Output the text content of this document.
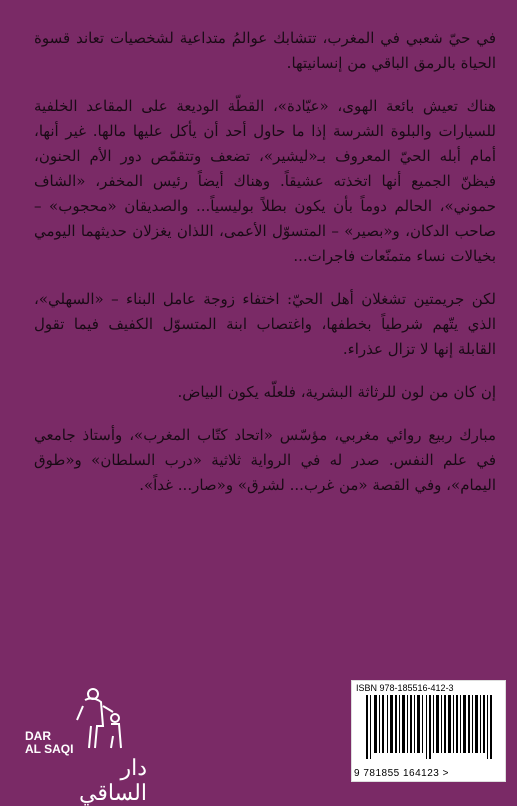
في حيّ شعبي في المغرب، تتشابك عوالمُ متداعية لشخصيات تعاند قسوة الحياة بالرمق الباقي من إنسانيتها.

هناك تعيش بائعة الهوى، «عيّادة»، القطّة الوديعة على المقاعد الخلفية للسيارات والبلوة الشرسة إذا ما حاول أحد أن يأكل عليها مالها. غير أنها، أمام أبله الحيّ المعروف بـ«ليشير»، تضعف وتتقمّص دور الأم الحنون، فيظنّ الجميع أنها اتخذته عشيقاً. وهناك أيضاً رئيس المخفر، «الشاف حموني»، الحالم دوماً بأن يكون بطلاً بوليسياً... والصديقان «محجوب» – صاحب الدكان، و«بصير» – المتسوّل الأعمى، اللذان يغزلان حديثهما اليومي بخيالات نساء متمنّعات فاجرات...

لكن جريمتين تشغلان أهل الحيّ: اختفاء زوجة عامل البناء – «السهلي»، الذي يتّهم شرطياً بخطفها، واغتصاب ابنة المتسوّل الكفيف فيما تقول القابلة إنها لا تزال عذراء.

إن كان من لون للرثاثة البشرية، فلعلّه يكون البياض.

مبارك ربيع روائي مغربي، مؤسّس «اتحاد كتّاب المغرب»، وأستاذ جامعي في علم النفس. صدر له في الرواية ثلاثية «درب السلطان» و«طوق اليمام»، وفي القصة «من غرب... لشرق» و«صار... غداً».

DAR
AL SAQI
دار الساقي
ISBN 978-185516-412-3
9 781855 164123 >
